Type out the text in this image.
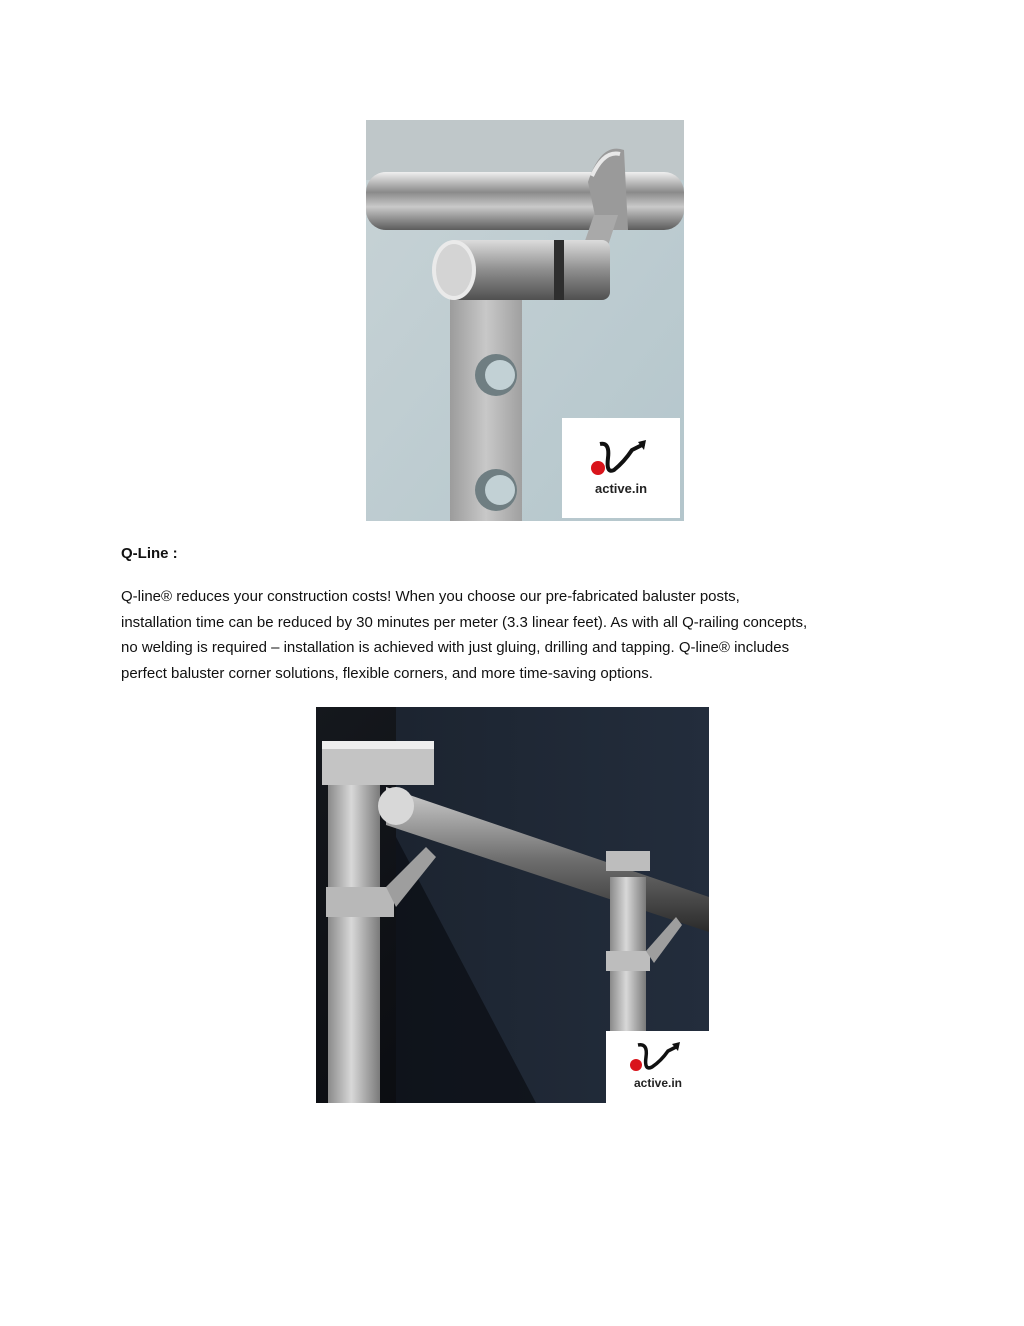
active.in
Q-Line :

Q-line® reduces your construction costs! When you choose our pre-fabricated baluster posts,
installation time can be reduced by 30 minutes per meter (3.3 linear feet). As with all Q-railing concepts,
no welding is required – installation is achieved with just gluing, drilling and tapping. Q-line® includes
perfect baluster corner solutions, flexible corners, and more time-saving options.

active.in
